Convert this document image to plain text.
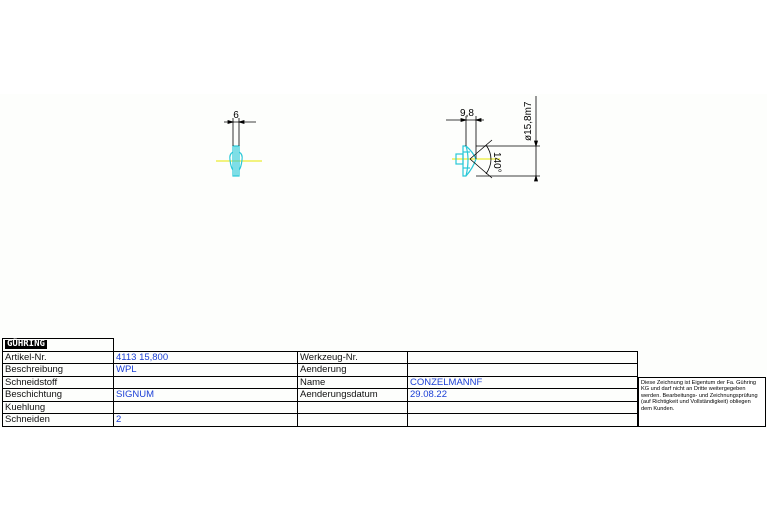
6	9,8	ø15,8m7
140°
GÜHRING			
Artikel-Nr.	4113 15,800	Werkzeug-Nr.	
Beschreibung	WPL	Aenderung	
Schneidstoff		Name	CONZELMANNF
Beschichtung	SIGNUM	Aenderungsdatum	29.08.22
Kuehlung			
Schneiden	2		
Diese Zeichnung ist Eigentum der Fa. Gühring KG und darf nicht an Dritte weitergegeben werden. Bearbeitungs- und Zeichnungsprüfung (auf Richtigkeit und Vollständigkeit) obliegen dem Kunden.
